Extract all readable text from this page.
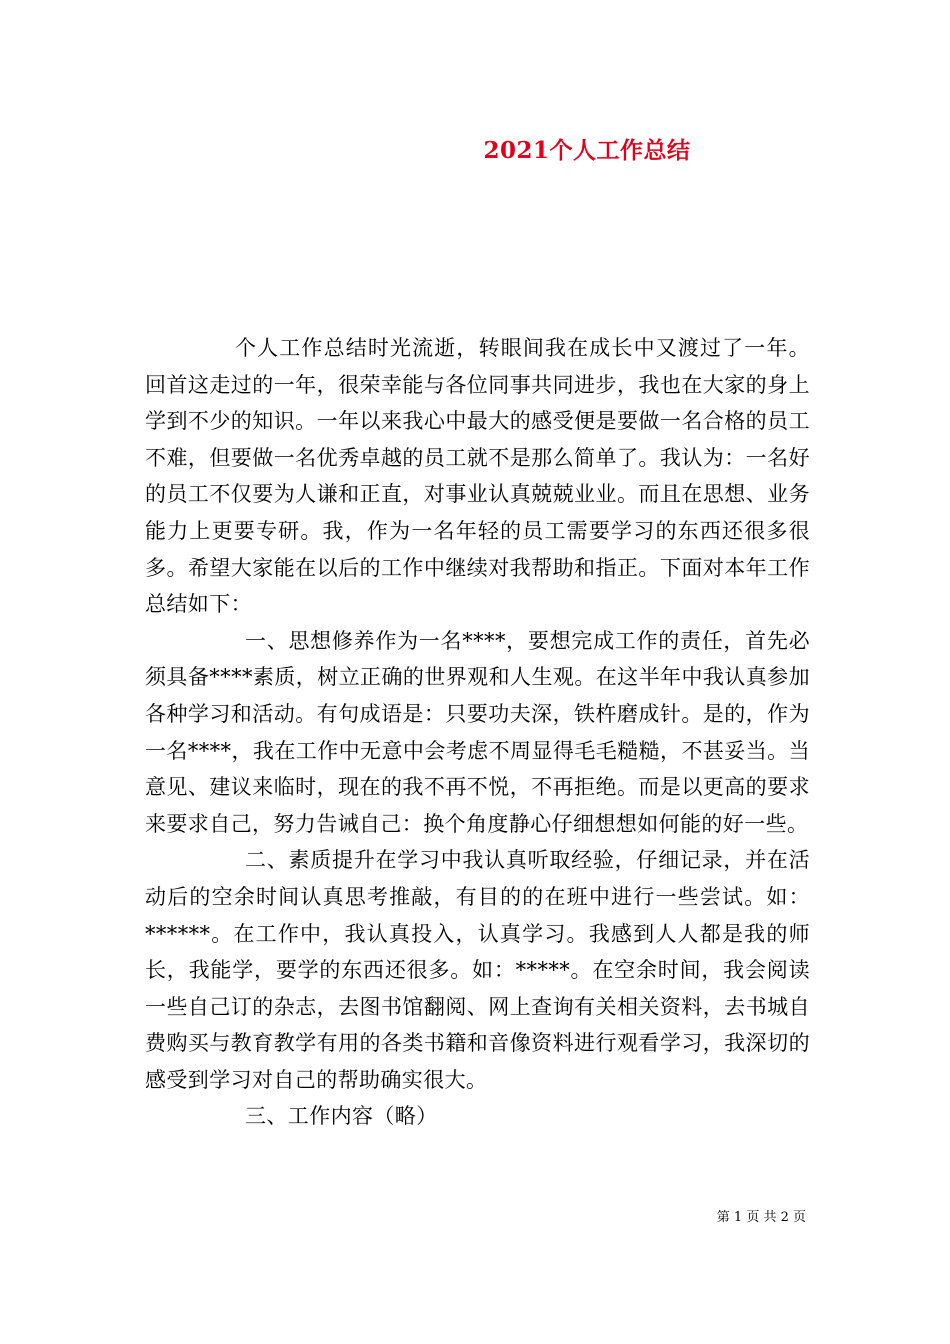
2021个人工作总结

个人工作总结时光流逝，转眼间我在成长中又渡过了一年。回首这走过的一年，很荣幸能与各位同事共同进步，我也在大家的身上学到不少的知识。一年以来我心中最大的感受便是要做一名合格的员工不难，但要做一名优秀卓越的员工就不是那么简单了。我认为：一名好的员工不仅要为人谦和正直，对事业认真兢兢业业。而且在思想、业务能力上更要专研。我，作为一名年轻的员工需要学习的东西还很多很多。希望大家能在以后的工作中继续对我帮助和指正。下面对本年工作总结如下：

一、思想修养作为一名****，要想完成工作的责任，首先必须具备****素质，树立正确的世界观和人生观。在这半年中我认真参加各种学习和活动。有句成语是：只要功夫深，铁杵磨成针。是的，作为一名****，我在工作中无意中会考虑不周显得毛毛糙糙，不甚妥当。当意见、建议来临时，现在的我不再不悦，不再拒绝。而是以更高的要求来要求自己，努力告诫自己：换个角度静心仔细想想如何能的好一些。

二、素质提升在学习中我认真听取经验，仔细记录，并在活动后的空余时间认真思考推敲，有目的的在班中进行一些尝试。如：******。在工作中，我认真投入，认真学习。我感到人人都是我的师长，我能学，要学的东西还很多。如：*****。在空余时间，我会阅读一些自己订的杂志，去图书馆翻阅、网上查询有关相关资料，去书城自费购买与教育教学有用的各类书籍和音像资料进行观看学习，我深切的感受到学习对自己的帮助确实很大。

三、工作内容（略）

第 1 页 共 2 页
